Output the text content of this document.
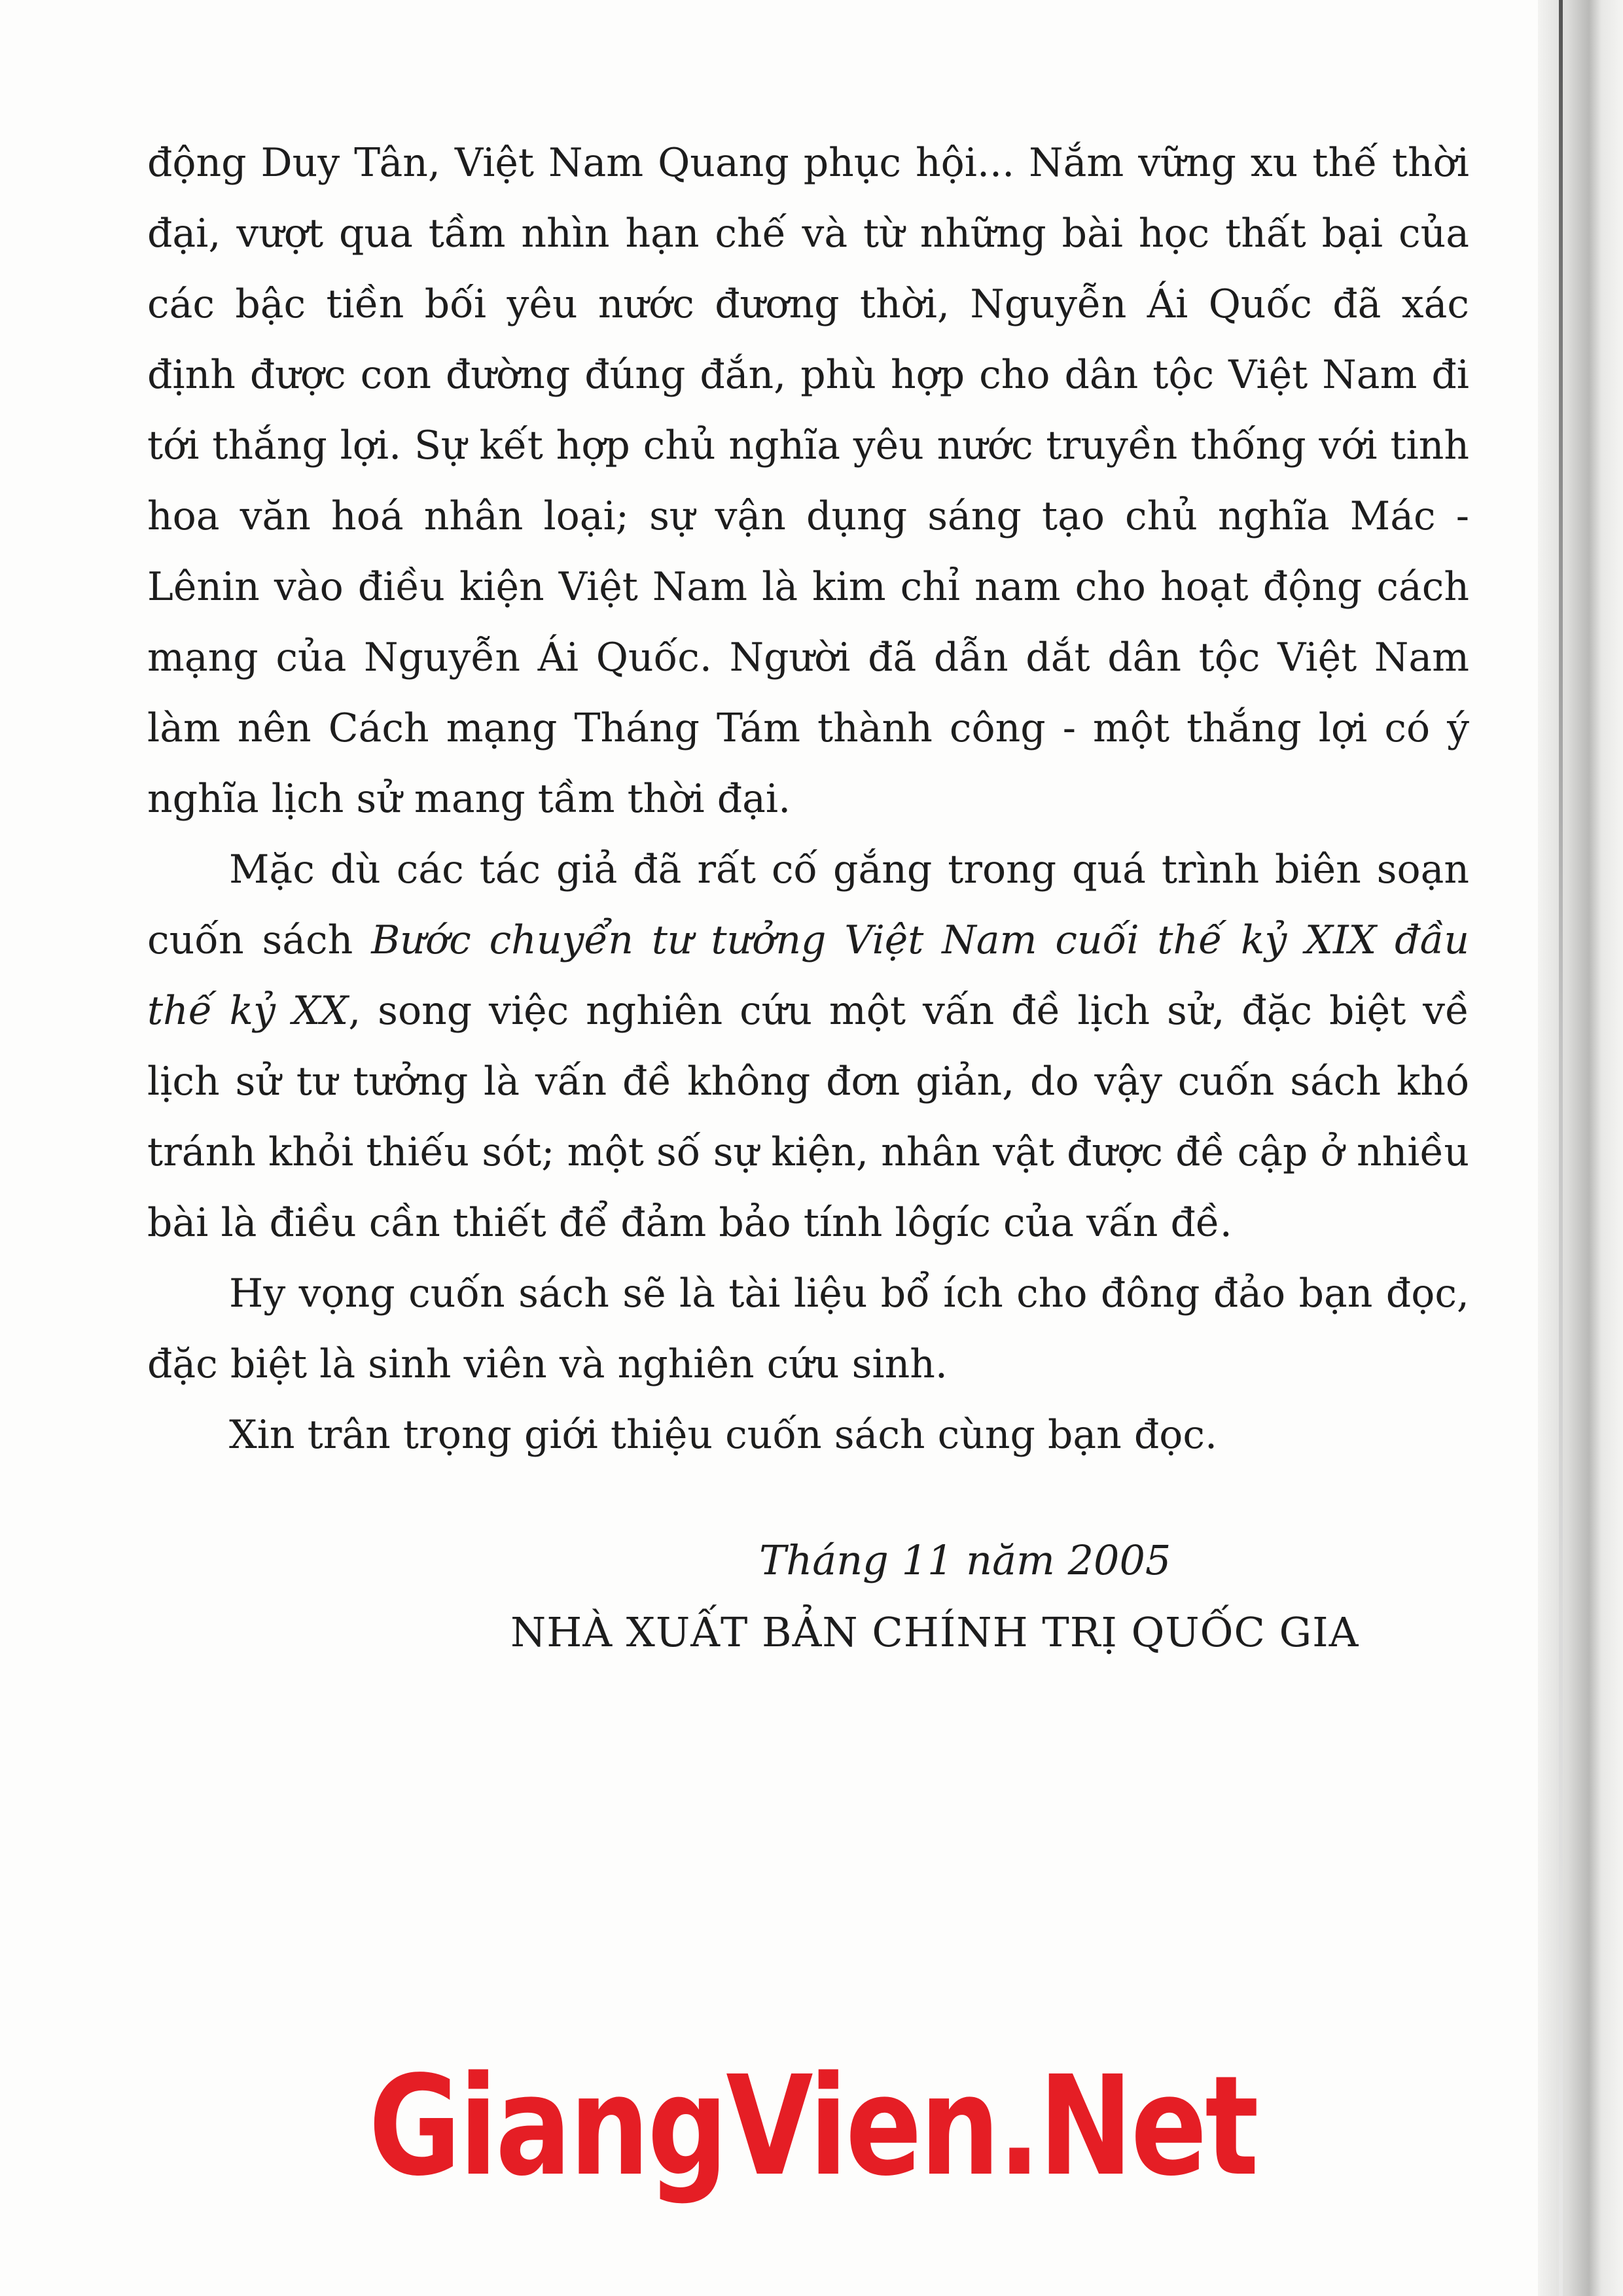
động Duy Tân, Việt Nam Quang phục hội... Nắm vững xu thế thời đại, vượt qua tầm nhìn hạn chế và từ những bài học thất bại của các bậc tiền bối yêu nước đương thời, Nguyễn Ái Quốc đã xác định được con đường đúng đắn, phù hợp cho dân tộc Việt Nam đi tới thắng lợi. Sự kết hợp chủ nghĩa yêu nước truyền thống với tinh hoa văn hoá nhân loại; sự vận dụng sáng tạo chủ nghĩa Mác - Lênin vào điều kiện Việt Nam là kim chỉ nam cho hoạt động cách mạng của Nguyễn Ái Quốc. Người đã dẫn dắt dân tộc Việt Nam làm nên Cách mạng Tháng Tám thành công - một thắng lợi có ý nghĩa lịch sử mang tầm thời đại.

Mặc dù các tác giả đã rất cố gắng trong quá trình biên soạn cuốn sách Bước chuyển tư tưởng Việt Nam cuối thế kỷ XIX đầu thế kỷ XX, song việc nghiên cứu một vấn đề lịch sử, đặc biệt về lịch sử tư tưởng là vấn đề không đơn giản, do vậy cuốn sách khó tránh khỏi thiếu sót; một số sự kiện, nhân vật được đề cập ở nhiều bài là điều cần thiết để đảm bảo tính lôgíc của vấn đề.

Hy vọng cuốn sách sẽ là tài liệu bổ ích cho đông đảo bạn đọc, đặc biệt là sinh viên và nghiên cứu sinh.

Xin trân trọng giới thiệu cuốn sách cùng bạn đọc.

Tháng 11 năm 2005

NHÀ XUẤT BẢN CHÍNH TRỊ QUỐC GIA

GiangVien.Net
